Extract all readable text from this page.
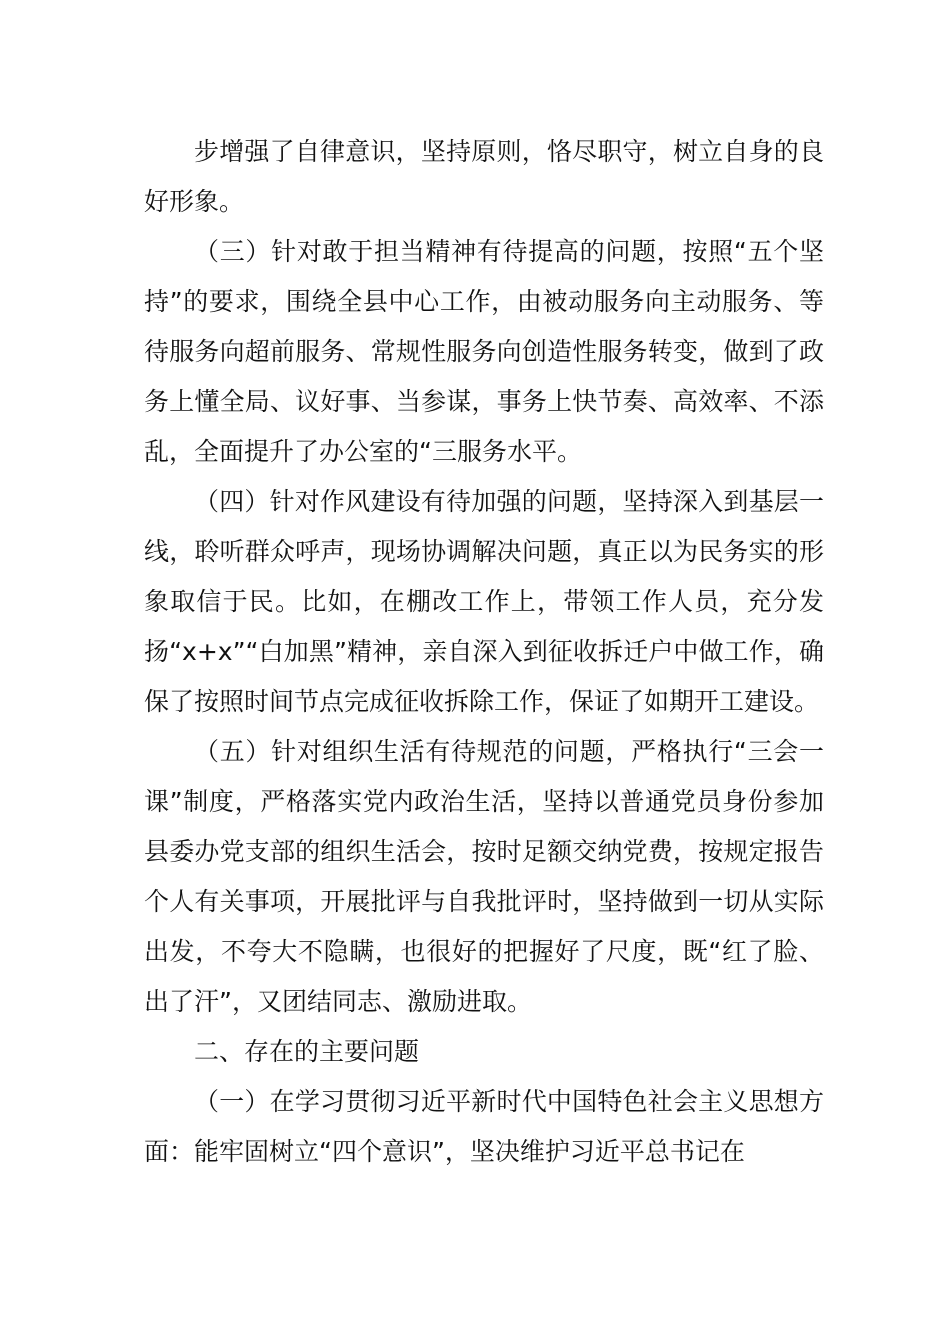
步增强了自律意识，坚持原则，恪尽职守，树立自身的良好形象。

（三）针对敢于担当精神有待提高的问题，按照“五个坚持”的要求，围绕全县中心工作，由被动服务向主动服务、等待服务向超前服务、常规性服务向创造性服务转变，做到了政务上懂全局、议好事、当参谋，事务上快节奏、高效率、不添乱，全面提升了办公室的“三服务水平。

（四）针对作风建设有待加强的问题，坚持深入到基层一线，聆听群众呼声，现场协调解决问题，真正以为民务实的形象取信于民。比如，在棚改工作上，带领工作人员，充分发扬“x+x”“白加黑”精神，亲自深入到征收拆迁户中做工作，确保了按照时间节点完成征收拆除工作，保证了如期开工建设。

（五）针对组织生活有待规范的问题，严格执行“三会一课”制度，严格落实党内政治生活，坚持以普通党员身份参加县委办党支部的组织生活会，按时足额交纳党费，按规定报告个人有关事项，开展批评与自我批评时，坚持做到一切从实际出发，不夸大不隐瞒，也很好的把握好了尺度，既“红了脸、出了汗”，又团结同志、激励进取。

二、存在的主要问题

（一）在学习贯彻习近平新时代中国特色社会主义思想方面：能牢固树立“四个意识”，坚决维护习近平总书记在
